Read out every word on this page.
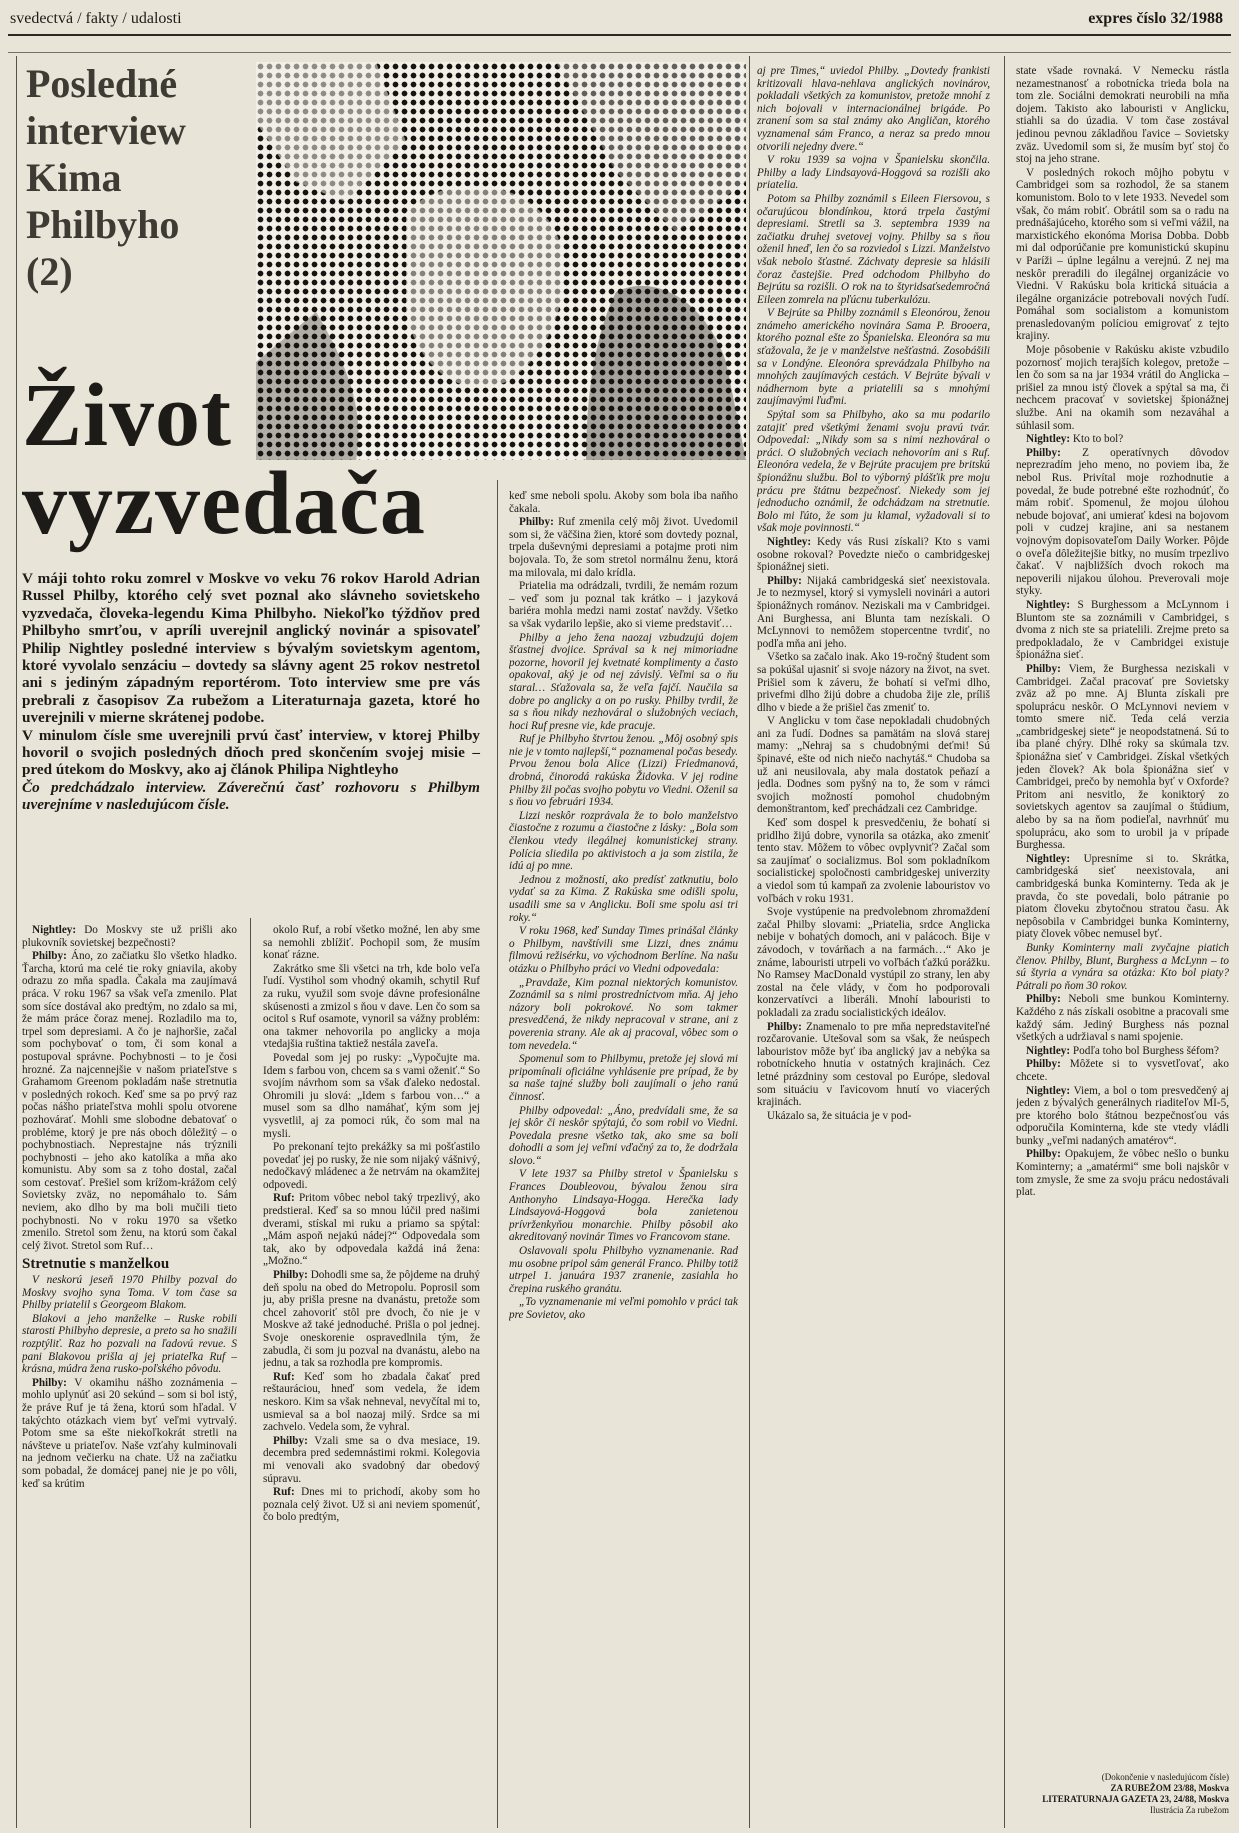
svedectvá / fakty / udalosti	expres číslo 32/1988
Posledné
interview
Kima
Philbyho
(2)
Život
vyzvedača

V máji tohto roku zomrel v Moskve vo veku 76 rokov Harold Adrian Russel Philby, ktorého celý svet poznal ako slávneho sovietskeho vyzvedača, človeka-legendu Kima Philbyho. Niekoľko týždňov pred Philbyho smrťou, v apríli uverejnil anglický novinár a spisovateľ Philip Nightley posledné interview s bývalým sovietskym agentom, ktoré vyvolalo senzáciu – dovtedy sa slávny agent 25 rokov nestretol ani s jediným západným reportérom. Toto interview sme pre vás prebrali z časopisov Za rubežom a Literaturnaja gazeta, ktoré ho uverejnili v mierne skrátenej podobe.

V minulom čísle sme uverejnili prvú časť interview, v ktorej Philby hovoril o svojich posledných dňoch pred skončením svojej misie – pred útekom do Moskvy, ako aj článok Philipa Nightleyho

Čo predchádzalo interview. Záverečnú časť rozhovoru s Philbym uverejníme v nasledujúcom čísle.

Nightley: Do Moskvy ste už prišli ako plukovník sovietskej bezpečnosti?

Philby: Áno, zo začiatku šlo všetko hladko. Ťarcha, ktorú ma celé tie roky gniavila, akoby odrazu zo mňa spadla. Čakala ma zaujímavá práca. V roku 1967 sa však veľa zmenilo. Plat som síce dostával ako predtým, no zdalo sa mi, že mám práce čoraz menej. Rozladilo ma to, trpel som depresiami. A čo je najhoršie, začal som pochybovať o tom, či som konal a postupoval správne. Pochybnosti – to je čosi hrozné. Za najcennejšie v našom priateľstve s Grahamom Greenom pokladám naše stretnutia v posledných rokoch. Keď sme sa po prvý raz počas nášho priateľstva mohli spolu otvorene pozhovárať. Mohli sme slobodne debatovať o probléme, ktorý je pre nás oboch dôležitý – o pochybnostiach. Neprestajne nás trýznili pochybnosti – jeho ako katolíka a mňa ako komunistu. Aby som sa z toho dostal, začal som cestovať. Prešiel som krížom-krážom celý Sovietsky zväz, no nepomáhalo to. Sám neviem, ako dlho by ma boli mučili tieto pochybnosti. No v roku 1970 sa všetko zmenilo. Stretol som ženu, na ktorú som čakal celý život. Stretol som Ruf…

Stretnutie s manželkou

V neskorú jeseň 1970 Philby pozval do Moskvy svojho syna Toma. V tom čase sa Philby priatelil s Georgeom Blakom.

Blakovi a jeho manželke – Ruske robili starosti Philbyho depresie, a preto sa ho snažili rozptýliť. Raz ho pozvali na ľadovú revue. S pani Blakovou prišla aj jej priateľka Ruf – krásna, múdra žena rusko-poľského pôvodu.

Philby: V okamihu nášho zoznámenia – mohlo uplynúť asi 20 sekúnd – som si bol istý, že práve Ruf je tá žena, ktorú som hľadal. V takýchto otázkach viem byť veľmi vytrvalý. Potom sme sa ešte niekoľkokrát stretli na návšteve u priateľov. Naše vzťahy kulminovali na jednom večierku na chate. Už na začiatku som pobadal, že domácej panej nie je po vôli, keď sa krútim

okolo Ruf, a robí všetko možné, len aby sme sa nemohli zblížiť. Pochopil som, že musím konať rázne.

Zakrátko sme šli všetci na trh, kde bolo veľa ľudí. Vystihol som vhodný okamih, schytil Ruf za ruku, využil som svoje dávne profesionálne skúsenosti a zmizol s ňou v dave. Len čo som sa ocitol s Ruf osamote, vynoril sa vážny problém: ona takmer nehovorila po anglicky a moja vtedajšia ruština taktiež nestála zaveľa.

Povedal som jej po rusky: „Vypočujte ma. Idem s farbou von, chcem sa s vami oženiť.“ So svojím návrhom som sa však ďaleko nedostal. Ohromili ju slová: „Idem s farbou von…“ a musel som sa dlho namáhať, kým som jej vysvetlil, aj za pomoci rúk, čo som mal na mysli.

Po prekonaní tejto prekážky sa mi pošťastilo povedať jej po rusky, že nie som nijaký vášnivý, nedočkavý mládenec a že netrvám na okamžitej odpovedi.

Ruf: Pritom vôbec nebol taký trpezlivý, ako predstieral. Keď sa so mnou lúčil pred našimi dverami, stískal mi ruku a priamo sa spýtal: „Mám aspoň nejakú nádej?“ Odpovedala som tak, ako by odpovedala každá iná žena: „Možno.“

Philby: Dohodli sme sa, že pôjdeme na druhý deň spolu na obed do Metropolu. Poprosil som ju, aby prišla presne na dvanástu, pretože som chcel zahovoriť stôl pre dvoch, čo nie je v Moskve až také jednoduché. Prišla o pol jednej. Svoje oneskorenie ospravedlnila tým, že zabudla, či som ju pozval na dvanástu, alebo na jednu, a tak sa rozhodla pre kompromis.

Ruf: Keď som ho zbadala čakať pred reštauráciou, hneď som vedela, že idem neskoro. Kim sa však nehneval, nevyčítal mi to, usmieval sa a bol naozaj milý. Srdce sa mi zachvelo. Vedela som, že vyhral.

Philby: Vzali sme sa o dva mesiace, 19. decembra pred sedemnástimi rokmi. Kolegovia mi venovali ako svadobný dar obedový súpravu.

Ruf: Dnes mi to prichodí, akoby som ho poznala celý život. Už si ani neviem spomenúť, čo bolo predtým,

keď sme neboli spolu. Akoby som bola iba naňho čakala.

Philby: Ruf zmenila celý môj život. Uvedomil som si, že väčšina žien, ktoré som dovtedy poznal, trpela duševnými depresiami a potajme proti nim bojovala. To, že som stretol normálnu ženu, ktorá ma milovala, mi dalo krídla.

Priatelia ma odrádzali, tvrdili, že nemám rozum – veď som ju poznal tak krátko – i jazyková bariéra mohla medzi nami zostať navždy. Všetko sa však vydarilo lepšie, ako si vieme predstaviť…

Philby a jeho žena naozaj vzbudzujú dojem šťastnej dvojice. Správal sa k nej mimoriadne pozorne, hovoril jej kvetnaté komplimenty a často opakoval, aký je od nej závislý. Veľmi sa o ňu staral… Sťažovala sa, že veľa fajčí. Naučila sa dobre po anglicky a on po rusky. Philby tvrdil, že sa s ňou nikdy nezhováral o služobných veciach, hoci Ruf presne vie, kde pracuje.

Ruf je Philbyho štvrtou ženou. „Môj osobný spis nie je v tomto najlepší,“ poznamenal počas besedy. Prvou ženou bola Alice (Lizzi) Friedmanová, drobná, činorodá rakúska Židovka. V jej rodine Philby žil počas svojho pobytu vo Viedni. Oženil sa s ňou vo februári 1934.

Lizzi neskôr rozprávala že to bolo manželstvo čiastočne z rozumu a čiastočne z lásky: „Bola som členkou vtedy ilegálnej komunistickej strany. Polícia sliedila po aktivistoch a ja som zistila, že idú aj po mne.

Jednou z možností, ako predísť zatknutiu, bolo vydať sa za Kima. Z Rakúska sme odišli spolu, usadili sme sa v Anglicku. Boli sme spolu asi tri roky.“

V roku 1968, keď Sunday Times prinášal články o Philbym, navštívili sme Lizzi, dnes známu filmovú režisérku, vo východnom Berlíne. Na našu otázku o Philbyho práci vo Viedni odpovedala:

„Pravdaže, Kim poznal niektorých komunistov. Zoznámil sa s nimi prostredníctvom mňa. Aj jeho názory boli pokrokové. No som takmer presvedčená, že nikdy nepracoval v strane, ani z poverenia strany. Ale ak aj pracoval, vôbec som o tom nevedela.“

Spomenul som to Philbymu, pretože jej slová mi pripomínali oficiálne vyhlásenie pre prípad, že by sa naše tajné služby boli zaujímali o jeho ranú činnosť.

Philby odpovedal: „Áno, predvídali sme, že sa jej skôr či neskôr spýtajú, čo som robil vo Viedni. Povedala presne všetko tak, ako sme sa boli dohodli a som jej veľmi vďačný za to, že dodržala slovo.“

V lete 1937 sa Philby stretol v Španielsku s Frances Doubleovou, bývalou ženou sira Anthonyho Lindsaya-Hogga. Herečka lady Lindsayová-Hoggová bola zanietenou prívrženkyňou monarchie. Philby pôsobil ako akreditovaný novinár Times vo Francovom stane.

Oslavovali spolu Philbyho vyznamenanie. Rad mu osobne pripol sám generál Franco. Philby totiž utrpel 1. januára 1937 zranenie, zasiahla ho črepina ruského granátu.

„To vyznamenanie mi veľmi pomohlo v práci tak pre Sovietov, ako

aj pre Times,“ uviedol Philby. „Dovtedy frankisti kritizovali hlava-nehlava anglických novinárov, pokladali všetkých za komunistov, pretože mnohí z nich bojovali v internacionálnej brigáde. Po zranení som sa stal známy ako Angličan, ktorého vyznamenal sám Franco, a neraz sa predo mnou otvorili nejedny dvere.“

V roku 1939 sa vojna v Španielsku skončila. Philby a lady Lindsayová-Hoggová sa rozišli ako priatelia.

Potom sa Philby zoznámil s Eileen Fiersovou, s očarujúcou blondínkou, ktorá trpela častými depresiami. Stretli sa 3. septembra 1939 na začiatku druhej svetovej vojny. Philby sa s ňou oženil hneď, len čo sa rozviedol s Lizzi. Manželstvo však nebolo šťastné. Záchvaty depresie sa hlásili čoraz častejšie. Pred odchodom Philbyho do Bejrútu sa rozišli. O rok na to štyridsaťsedemročná Eileen zomrela na pľúcnu tuberkulózu.

V Bejrúte sa Philby zoznámil s Eleonórou, ženou známeho amerického novinára Sama P. Brooera, ktorého poznal ešte zo Španielska. Eleonóra sa mu sťažovala, že je v manželstve nešťastná. Zosobášili sa v Londýne. Eleonóra sprevádzala Philbyho na mnohých zaujímavých cestách. V Bejrúte bývali v nádhernom byte a priatelili sa s mnohými zaujímavými ľuďmi.

Spýtal som sa Philbyho, ako sa mu podarilo zatajiť pred všetkými ženami svoju pravú tvár. Odpovedal: „Nikdy som sa s nimi nezhováral o práci. O služobných veciach nehovorím ani s Ruf. Eleonóra vedela, že v Bejrúte pracujem pre britskú špionážnu službu. Bol to výborný plášťik pre moju prácu pre štátnu bezpečnosť. Niekedy som jej jednoducho oznámil, že odchádzam na stretnutie. Bolo mi ľúto, že som ju klamal, vyžadovali si to však moje povinnosti.“

Nightley: Kedy vás Rusi získali? Kto s vami osobne rokoval? Povedzte niečo o cambridgeskej špionážnej sieti.

Philby: Nijaká cambridgeská sieť neexistovala. Je to nezmysel, ktorý si vymysleli novinári a autori špionážnych románov. Neziskali ma v Cambridgei. Ani Burghessa, ani Blunta tam nezískali. O McLynnovi to nemôžem stopercentne tvrdiť, no podľa mňa ani jeho.

Všetko sa začalo inak. Ako 19-ročný študent som sa pokúšal ujasniť si svoje názory na život, na svet. Prišiel som k záveru, že bohatí si veľmi dlho, privefmi dlho žijú dobre a chudoba žije zle, príliš dlho v biede a že prišiel čas zmeniť to.

V Anglicku v tom čase nepokladali chudobných ani za ľudí. Dodnes sa pamätám na slová starej mamy: „Nehraj sa s chudobnými deťmi! Sú špinavé, ešte od nich niečo nachytáš.“ Chudoba sa už ani neusilovala, aby mala dostatok peňazí a jedla. Dodnes som pyšný na to, že som v rámci svojich možností pomohol chudobným demonštrantom, keď prechádzali cez Cambridge.

Keď som dospel k presvedčeniu, že bohatí si pridlho žijú dobre, vynorila sa otázka, ako zmeniť tento stav. Môžem to vôbec ovplyvniť? Začal som sa zaujímať o socializmus. Bol som pokladníkom socialistickej spoločnosti cambridgeskej univerzity a viedol som tú kampaň za zvolenie labouristov vo voľbách v roku 1931.

Svoje vystúpenie na predvolebnom zhromaždení začal Philby slovami: „Priatelia, srdce Anglicka nebije v bohatých domoch, ani v palácoch. Bije v závodoch, v továrňach a na farmách…“ Ako je známe, labouristi utrpeli vo voľbách ťažkú porážku. No Ramsey MacDonald vystúpil zo strany, len aby zostal na čele vlády, v čom ho podporovali konzervatívci a liberáli. Mnohí labouristi to pokladali za zradu socialistických ideálov.

Philby: Znamenalo to pre mňa nepredstaviteľné rozčarovanie. Utešoval som sa však, že neúspech labouristov môže byť iba anglický jav a nebýka sa robotníckeho hnutia v ostatných krajinách. Cez letné prázdniny som cestoval po Európe, sledoval som situáciu v ľavicovom hnutí vo viacerých krajinách.

Ukázalo sa, že situácia je v pod-

state všade rovnaká. V Nemecku rástla nezamestnanosť a robotnícka trieda bola na tom zle. Sociálni demokrati neurobili na mňa dojem. Takisto ako labouristi v Anglicku, stiahli sa do úzadia. V tom čase zostával jedinou pevnou základňou ľavice – Sovietsky zväz. Uvedomil som si, že musím byť stoj čo stoj na jeho strane.

V posledných rokoch môjho pobytu v Cambridgei som sa rozhodol, že sa stanem komunistom. Bolo to v lete 1933. Nevedel som však, čo mám robiť. Obrátil som sa o radu na prednášajúceho, ktorého som si veľmi vážil, na marxistického ekonóma Morisa Dobba. Dobb mi dal odporúčanie pre komunistickú skupinu v Paríži – úplne legálnu a verejnú. Z nej ma neskôr preradili do ilegálnej organizácie vo Viedni. V Rakúsku bola kritická situácia a ilegálne organizácie potrebovali nových ľudí. Pomáhal som socialistom a komunistom prenasledovaným políciou emigrovať z tejto krajiny.

Moje pôsobenie v Rakúsku akiste vzbudilo pozornosť mojich terajších kolegov, pretože – len čo som sa na jar 1934 vrátil do Anglicka – prišiel za mnou istý človek a spýtal sa ma, či nechcem pracovať v sovietskej špionážnej službe. Ani na okamih som nezaváhal a súhlasil som.

Nightley: Kto to bol?

Philby: Z operatívnych dôvodov neprezradím jeho meno, no poviem iba, že nebol Rus. Privítal moje rozhodnutie a povedal, že bude potrebné ešte rozhodnúť, čo mám robiť. Spomenul, že mojou úlohou nebude bojovať, ani umierať kdesi na bojovom poli v cudzej krajine, ani sa nestanem vojnovým dopisovateľom Daily Worker. Pôjde o oveľa dôležitejšie bitky, no musím trpezlivo čakať. V najbližších dvoch rokoch ma nepoverili nijakou úlohou. Preverovali moje styky.

Nightley: S Burghessom a McLynnom i Bluntom ste sa zoznámili v Cambridgei, s dvoma z nich ste sa priatelili. Zrejme preto sa predpokladalo, že v Cambridgei existuje špionážna sieť.

Philby: Viem, že Burghessa neziskali v Cambridgei. Začal pracovať pre Sovietsky zväz až po mne. Aj Blunta získali pre spoluprácu neskôr. O McLynnovi neviem v tomto smere nič. Teda celá verzia „cambridgeskej siete“ je neopodstatnená. Sú to iba plané chýry. Dlhé roky sa skúmala tzv. špionážna sieť v Cambridgei. Získal všetkých jeden človek? Ak bola špionážna sieť v Cambridgei, prečo by nemohla byť v Oxforde? Pritom ani nesvitlo, že koniktorý zo sovietskych agentov sa zaujímal o štúdium, alebo by sa na ňom podieľal, navrhnúť mu spoluprácu, ako som to urobil ja v prípade Burghessa.

Nightley: Upresníme si to. Skrátka, cambridgeská sieť neexistovala, ani cambridgeská bunka Kominterny. Teda ak je pravda, čo ste povedali, bolo pátranie po piatom človeku zbytočnou stratou času. Ak nepôsobila v Cambridgei bunka Kominterny, piaty človek vôbec nemusel byť.

Bunky Kominterny mali zvyčajne piatich členov. Philby, Blunt, Burghess a McLynn – to sú štyria a vynára sa otázka: Kto bol piaty? Pátrali po ňom 30 rokov.

Philby: Neboli sme bunkou Kominterny. Každého z nás získali osobitne a pracovali sme každý sám. Jediný Burghess nás poznal všetkých a udržiaval s nami spojenie.

Nightley: Podľa toho bol Burghess šéfom?

Philby: Môžete si to vysvetľovať, ako chcete.

Nightley: Viem, a bol o tom presvedčený aj jeden z bývalých generálnych riaditeľov MI-5, pre ktorého bolo štátnou bezpečnosťou vás odporučila Kominterna, kde ste vtedy vládli bunky „veľmi nadaných amatérov“.

Philby: Opakujem, že vôbec nešlo o bunku Kominterny; a „amatérmi“ sme boli najskôr v tom zmysle, že sme za svoju prácu nedostávali plat.

(Dokončenie v nasledujúcom čísle)
ZA RUBEŽOM 23/88, Moskva
LITERATURNAJA GAZETA 23, 24/88, Moskva
Ilustrácia Za rubežom
